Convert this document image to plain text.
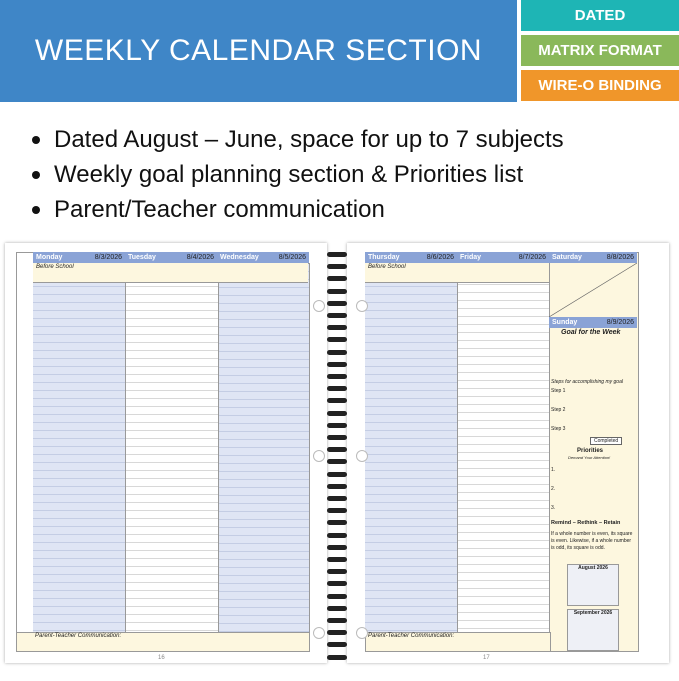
WEEKLY CALENDAR SECTION
DATED
MATRIX FORMAT
WIRE-O BINDING
Dated August – June, space for up to 7 subjects
Weekly goal planning section & Priorities list
Parent/Teacher communication
Before School
Monday	8/3/2026 Tuesday	8/4/2026 Wednesday	8/5/2026
Parent-Teacher Communication:
16
Before School
Thursday	8/6/2026 Friday	8/7/2026 Saturday	8/8/2026
Sunday	8/9/2026
Goal for the Week
Steps for accomplishing my goal
Step 1
Step 2
Step 3
Completed
Priorities
Demand Your Attention!
1.
2.
3.
Remind – Rethink – Retain
If a whole number is even, its square is even. Likewise, if a whole number is odd, its square is odd.
August 2026
September 2026
Parent-Teacher Communication:
17
